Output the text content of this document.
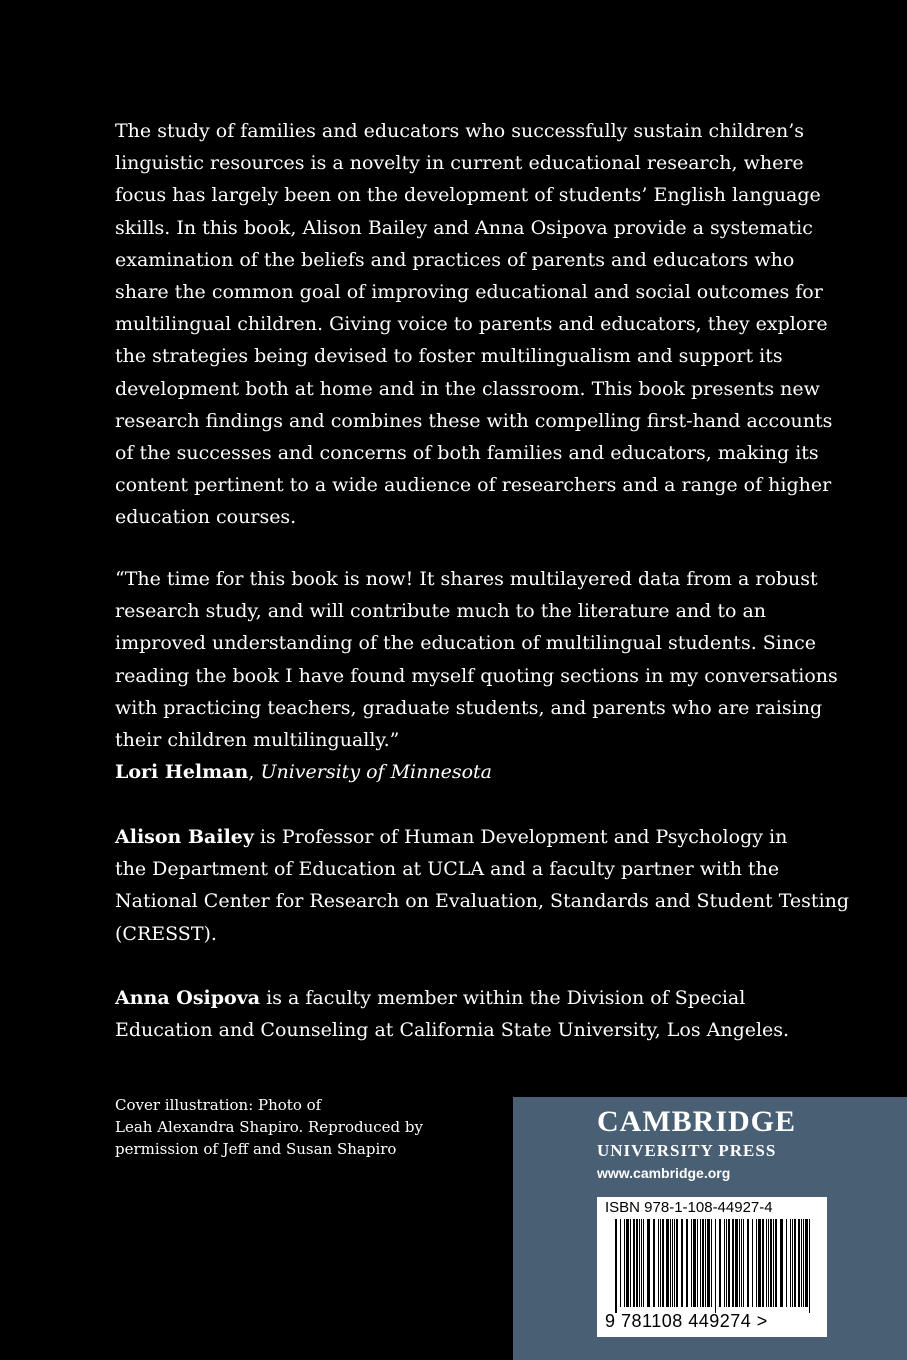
The study of families and educators who successfully sustain children’s
linguistic resources is a novelty in current educational research, where
focus has largely been on the development of students’ English language
skills. In this book, Alison Bailey and Anna Osipova provide a systematic
examination of the beliefs and practices of parents and educators who
share the common goal of improving educational and social outcomes for
multilingual children. Giving voice to parents and educators, they explore
the strategies being devised to foster multilingualism and support its
development both at home and in the classroom. This book presents new
research findings and combines these with compelling first-hand accounts
of the successes and concerns of both families and educators, making its
content pertinent to a wide audience of researchers and a range of higher
education courses.
“The time for this book is now! It shares multilayered data from a robust
research study, and will contribute much to the literature and to an
improved understanding of the education of multilingual students. Since
reading the book I have found myself quoting sections in my conversations
with practicing teachers, graduate students, and parents who are raising
their children multilingually.”
Lori Helman, University of Minnesota
Alison Bailey is Professor of Human Development and Psychology in
the Department of Education at UCLA and a faculty partner with the
National Center for Research on Evaluation, Standards and Student Testing
(CRESST).
Anna Osipova is a faculty member within the Division of Special
Education and Counseling at California State University, Los Angeles.
Cover illustration: Photo of
Leah Alexandra Shapiro. Reproduced by
permission of Jeff and Susan Shapiro
CAMBRIDGE
UNIVERSITY PRESS
www.cambridge.org
ISBN 978-1-108-44927-4
9 781108 449274 >
